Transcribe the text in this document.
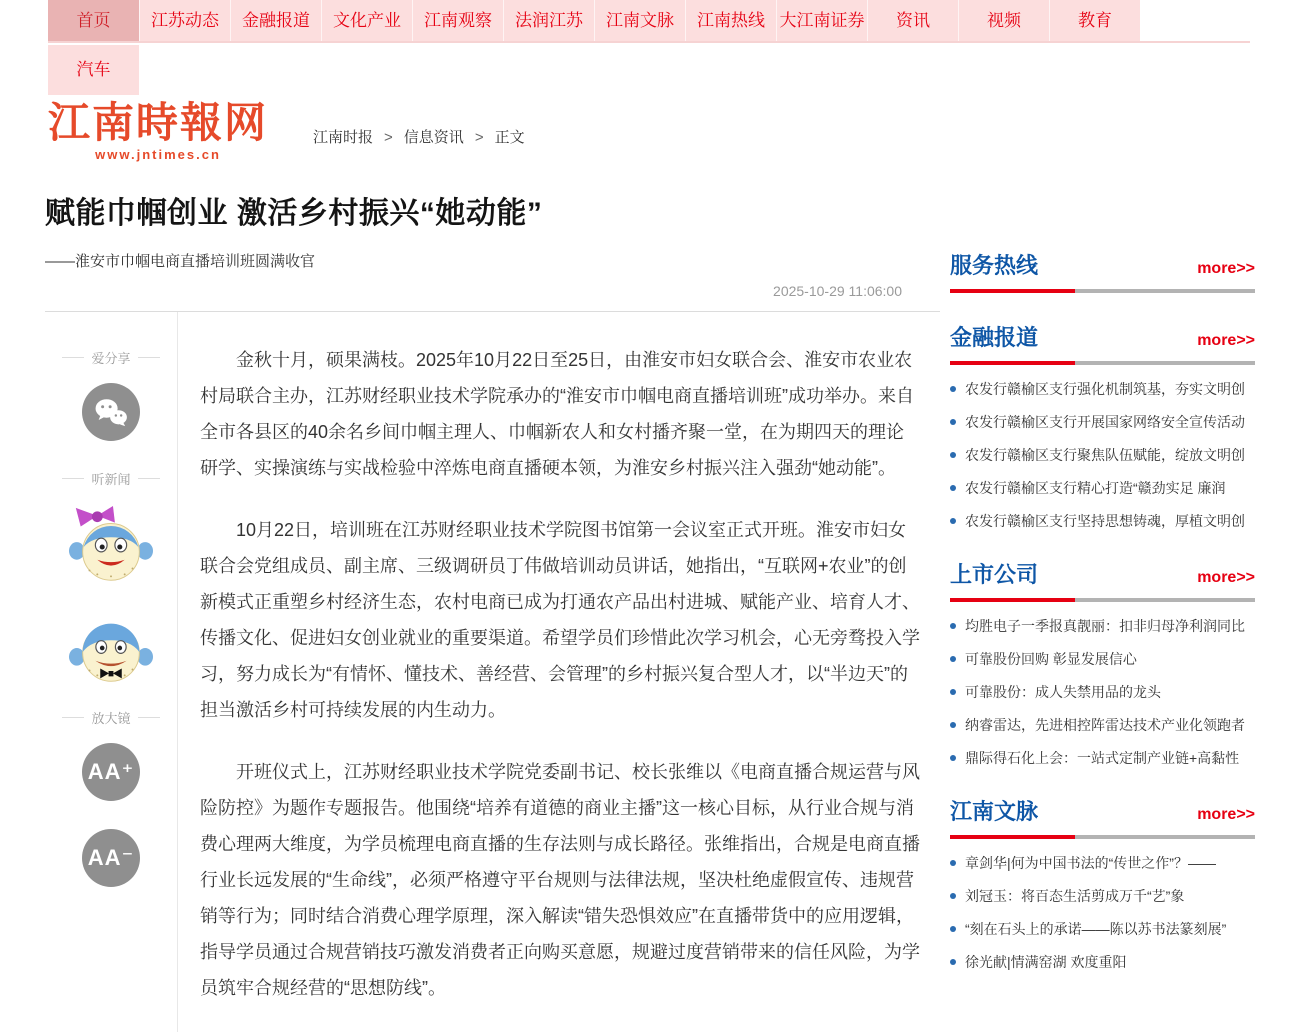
首页	江苏动态	金融报道	文化产业	江南观察	法润江苏	江南文脉	江南热线 大江南证券	资讯	视频	教育
汽车
江南時報网
www.jntimes.cn
江南时报 > 信息资讯 > 正文
赋能巾帼创业 激活乡村振兴“她动能”
——淮安市巾帼电商直播培训班圆满收官
2025-10-29 11:06:00
爱分享
听新闻
放大镜
AA⁺
AA⁻

金秋十月，硕果满枝。2025年10月22日至25日，由淮安市妇女联合会、淮安市农业农村局联合主办，江苏财经职业技术学院承办的“淮安市巾帼电商直播培训班”成功举办。来自全市各县区的40余名乡间巾帼主理人、巾帼新农人和女村播齐聚一堂，在为期四天的理论研学、实操演练与实战检验中淬炼电商直播硬本领，为淮安乡村振兴注入强劲“她动能”。

10月22日，培训班在江苏财经职业技术学院图书馆第一会议室正式开班。淮安市妇女联合会党组成员、副主席、三级调研员丁伟做培训动员讲话，她指出，“互联网+农业”的创新模式正重塑乡村经济生态，农村电商已成为打通农产品出村进城、赋能产业、培育人才、传播文化、促进妇女创业就业的重要渠道。希望学员们珍惜此次学习机会，心无旁骛投入学习，努力成长为“有情怀、懂技术、善经营、会管理”的乡村振兴复合型人才，以“半边天”的担当激活乡村可持续发展的内生动力。

开班仪式上，江苏财经职业技术学院党委副书记、校长张维以《电商直播合规运营与风险防控》为题作专题报告。他围绕“培养有道德的商业主播”这一核心目标，从行业合规与消费心理两大维度，为学员梳理电商直播的生存法则与成长路径。张维指出，合规是电商直播行业长远发展的“生命线”，必须严格遵守平台规则与法律法规，坚决杜绝虚假宣传、违规营销等行为；同时结合消费心理学原理，深入解读“错失恐惧效应”在直播带货中的应用逻辑，指导学员通过合规营销技巧激发消费者正向购买意愿，规避过度营销带来的信任风险，为学员筑牢合规经营的“思想防线”。

服务热线	more>>
金融报道	more>>
农发行赣榆区支行强化机制筑基，夯实文明创
农发行赣榆区支行开展国家网络安全宣传活动
农发行赣榆区支行聚焦队伍赋能，绽放文明创
农发行赣榆区支行精心打造“赣劲实足 廉润
农发行赣榆区支行坚持思想铸魂，厚植文明创
上市公司	more>>
均胜电子一季报真靓丽：扣非归母净利润同比
可靠股份回购 彰显发展信心
可靠股份：成人失禁用品的龙头
纳睿雷达，先进相控阵雷达技术产业化领跑者
鼎际得石化上会：一站式定制产业链+高黏性
江南文脉	more>>
章剑华|何为中国书法的“传世之作”？——
刘冠玉：将百态生活剪成万千“艺”象
“刻在石头上的承诺——陈以苏书法篆刻展”
徐光献|情满窑湖 欢度重阳
